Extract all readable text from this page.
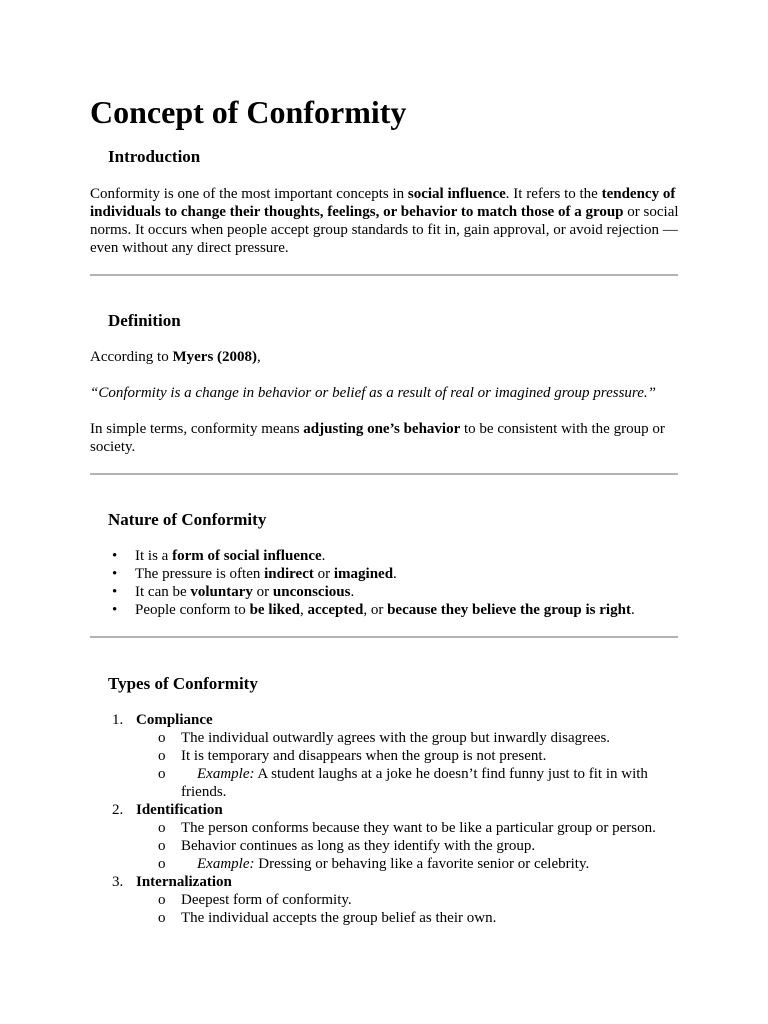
Concept of Conformity
Introduction

Conformity is one of the most important concepts in social influence. It refers to the tendency of individuals to change their thoughts, feelings, or behavior to match those of a group or social norms. It occurs when people accept group standards to fit in, gain approval, or avoid rejection — even without any direct pressure.

Definition

According to Myers (2008),

“Conformity is a change in behavior or belief as a result of real or imagined group pressure.”

In simple terms, conformity means adjusting one’s behavior to be consistent with the group or society.

Nature of Conformity
• It is a form of social influence.
• The pressure is often indirect or imagined.
• It can be voluntary or unconscious.
• People conform to be liked, accepted, or because they believe the group is right.
Types of Conformity
1. Compliance
o The individual outwardly agrees with the group but inwardly disagrees.
o It is temporary and disappears when the group is not present.
o Example: A student laughs at a joke he doesn’t find funny just to fit in with friends.
2. Identification
o The person conforms because they want to be like a particular group or person.
o Behavior continues as long as they identify with the group.
o Example: Dressing or behaving like a favorite senior or celebrity.
3. Internalization
o Deepest form of conformity.
o The individual accepts the group belief as their own.
